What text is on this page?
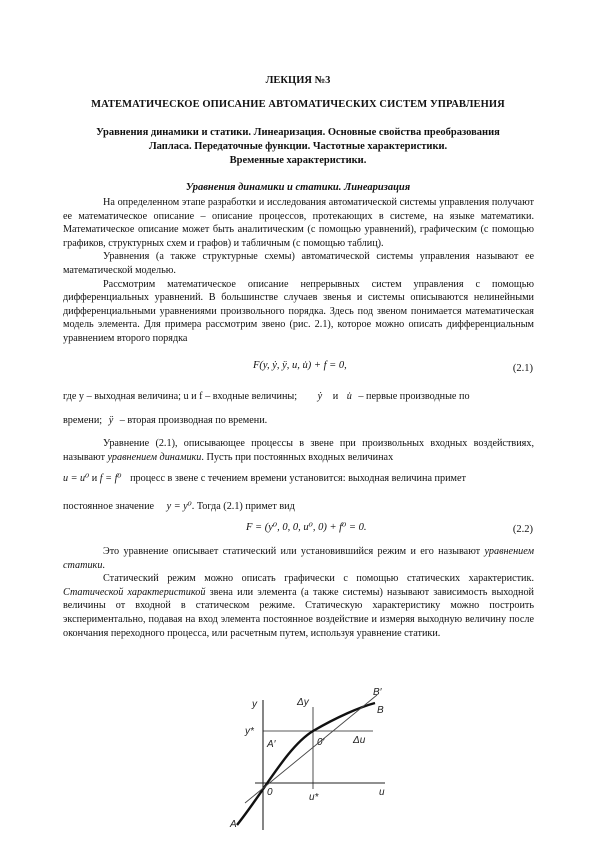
ЛЕКЦИЯ №3
МАТЕМАТИЧЕСКОЕ ОПИСАНИЕ АВТОМАТИЧЕСКИХ СИСТЕМ УПРАВЛЕНИЯ
Уравнения динамики и статики. Линеаризация. Основные свойства преобразования
Лапласа. Передаточные функции. Частотные характеристики.
Временные характеристики.
Уравнения динамики и статики. Линеаризация

На определенном этапе разработки и исследования автоматической системы управления получают ее математическое описание – описание процессов, протекающих в системе, на языке математики. Математическое описание может быть аналитическим (с помощью уравнений), графическим (с помощью графиков, структурных схем и графов) и табличным (с помощью таблиц).

Уравнения (а также структурные схемы) автоматической системы управления называют ее математической моделью.

Рассмотрим математическое описание непрерывных систем управления с помощью дифференциальных уравнений. В большинстве случаев звенья и системы описываются нелинейными дифференциальными уравнениями произвольного порядка. Здесь под звеном понимается математическая модель элемента. Для примера рассмотрим звено (рис. 2.1), которое можно описать дифференциальным уравнением второго порядка

F(y, ẏ, ÿ, u, u̇) + f = 0,	(2.1)

где y – выходная величина; u и f – входные величины; ẏ и u̇ – первые производные по

времени; ÿ – вторая производная по времени.

Уравнение (2.1), описывающее процессы в звене при произвольных входных воздействиях, называют уравнением динамики. Пусть при постоянных входных величинах

u = u⁰ и f = f⁰ процесс в звене с течением времени установится: выходная величина примет

постоянное значение y = y⁰. Тогда (2.1) примет вид

F = (y⁰, 0, 0, u⁰, 0) + f⁰ = 0.	(2.2)

Это уравнение описывает статический или установившийся режим и его называют уравнением статики.

Статический режим можно описать графически с помощью статических характеристик. Статической характеристикой звена или элемента (а также системы) называют зависимость выходной величины от входной в статическом режиме. Статическую характеристику можно построить экспериментально, подавая на вход элемента постоянное воздействие и измеряя выходную величину после окончания переходного процесса, или расчетным путем, используя уравнение статики.

y
u
Δy
Δu
y*
u*
0
0′
A′
A
B′
B
